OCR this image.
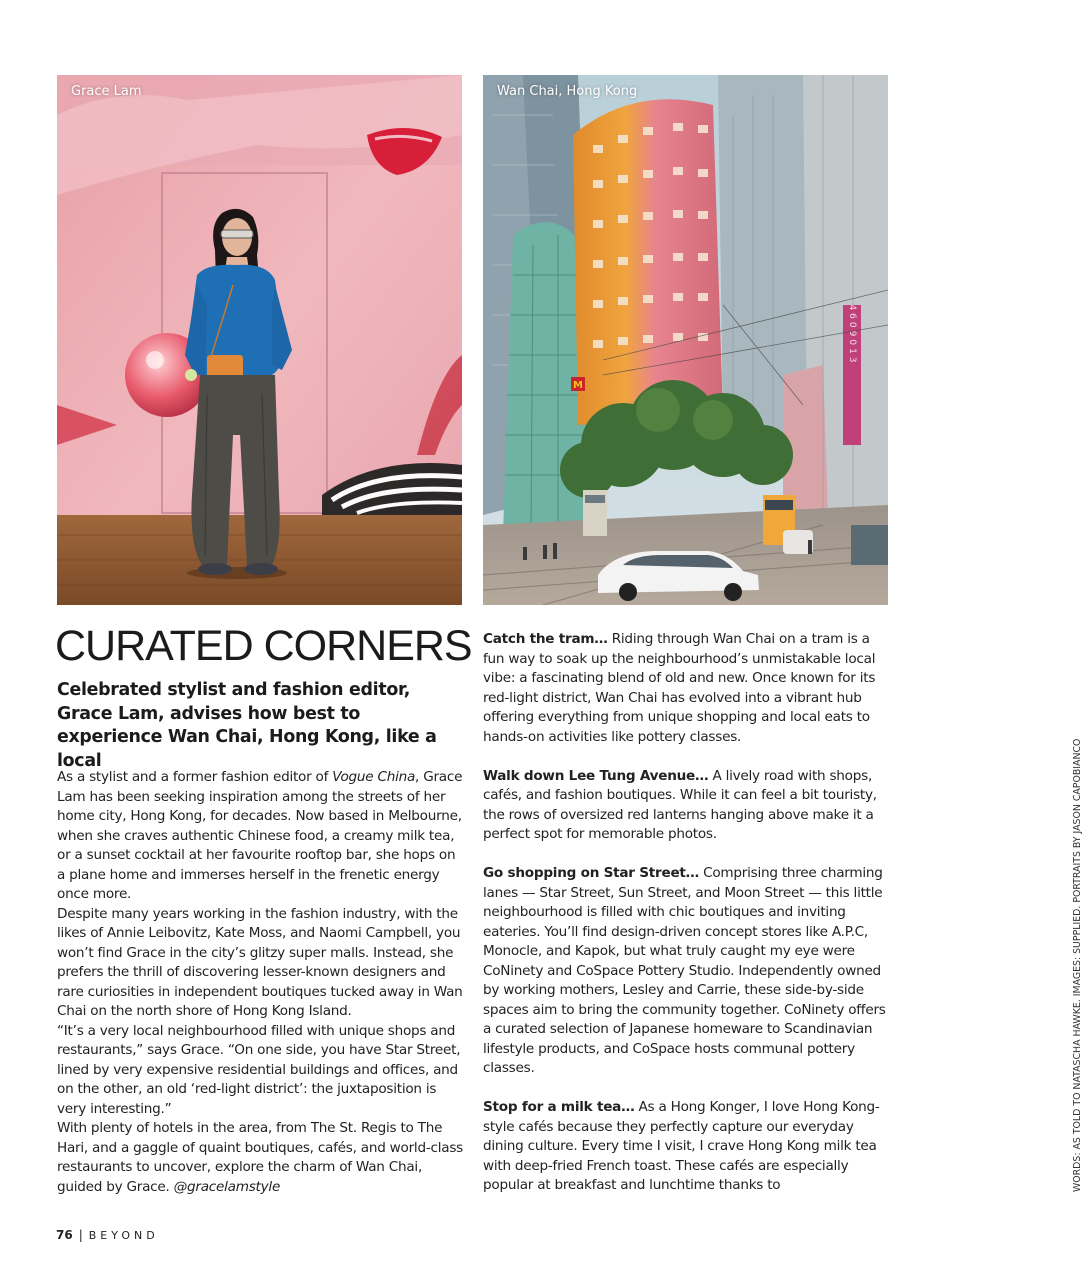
Grace Lam
4609013
M
Wan Chai, Hong Kong
CURATED CORNERS

Celebrated stylist and fashion editor, Grace Lam, advises how best to experience Wan Chai, Hong Kong, like a local

As a stylist and a former fashion editor of Vogue China, Grace Lam has been seeking inspiration among the streets of her home city, Hong Kong, for decades. Now based in Melbourne, when she craves authentic Chinese food, a creamy milk tea, or a sunset cocktail at her favourite rooftop bar, she hops on a plane home and immerses herself in the frenetic energy once more.

Despite many years working in the fashion industry, with the likes of Annie Leibovitz, Kate Moss, and Naomi Campbell, you won’t find Grace in the city’s glitzy super malls. Instead, she prefers the thrill of discovering lesser-known designers and rare curiosities in independent boutiques tucked away in Wan Chai on the north shore of Hong Kong Island.

“It’s a very local neighbourhood filled with unique shops and restaurants,” says Grace. “On one side, you have Star Street, lined by very expensive residential buildings and offices, and on the other, an old ‘red-light district’: the juxtaposition is very interesting.”

With plenty of hotels in the area, from The St. Regis to The Hari, and a gaggle of quaint boutiques, cafés, and world-class restaurants to uncover, explore the charm of Wan Chai, guided by Grace. @gracelamstyle

Catch the tram… Riding through Wan Chai on a tram is a fun way to soak up the neighbourhood’s unmistakable local vibe: a fascinating blend of old and new. Once known for its red-light district, Wan Chai has evolved into a vibrant hub offering everything from unique shopping and local eats to hands-on activities like pottery classes.

Walk down Lee Tung Avenue… A lively road with shops, cafés, and fashion boutiques. While it can feel a bit touristy, the rows of oversized red lanterns hanging above make it a perfect spot for memorable photos.

Go shopping on Star Street… Comprising three charming lanes — Star Street, Sun Street, and Moon Street — this little neighbourhood is filled with chic boutiques and inviting eateries. You’ll find design-driven concept stores like A.P.C, Monocle, and Kapok, but what truly caught my eye were CoNinety and CoSpace Pottery Studio. Independently owned by working mothers, Lesley and Carrie, these side-by-side spaces aim to bring the community together. CoNinety offers a curated selection of Japanese homeware to Scandinavian lifestyle products, and CoSpace hosts communal pottery classes.

Stop for a milk tea… As a Hong Konger, I love Hong Kong-style cafés because they perfectly capture our everyday dining culture. Every time I visit, I crave Hong Kong milk tea with deep-fried French toast. These cafés are especially popular at breakfast and lunchtime thanks to

76 | BEYOND
WORDS: AS TOLD TO NATASCHA HAWKE. IMAGES: SUPPLIED. PORTRAITS BY JASON CAPOBIANCO
